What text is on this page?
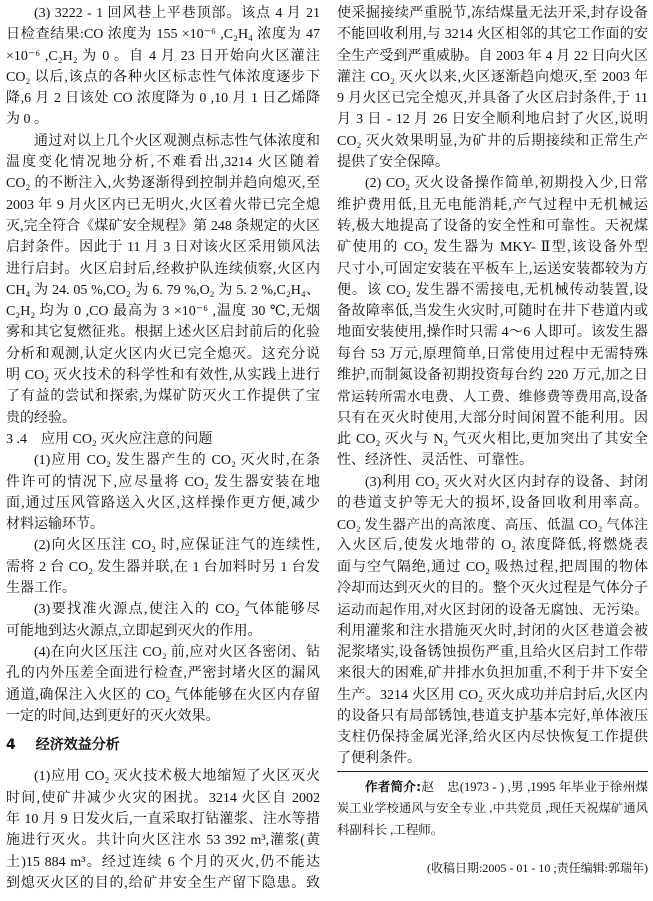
(3) 3222 - 1 回风巷上平巷顶部。该点 4 月 21
日检查结果:CO 浓度为 155 ×10⁻⁶ ,C₂H₄ 浓度为 47
×10⁻⁶ ,C₂H₂ 为 0 。自 4 月 23 日开始向火区灌注
CO₂ 以后,该点的各种火区标志性气体浓度逐步下
降,6 月 2 日该处 CO 浓度降为 0 ,10 月 1 日乙烯降
为 0 。
通过对以上几个火区观测点标志性气体浓度和
温度变化情况地分析,不难看出,3214 火区随着
CO₂ 的不断注入,火势逐渐得到控制并趋向熄灭,至
2003 年 9 月火区内已无明火,火区着火带已完全熄
灭,完全符合《煤矿安全规程》第 248 条规定的火区
启封条件。因此于 11 月 3 日对该火区采用锁风法
进行启封。火区启封后,经救护队连续侦察,火区内
CH₄ 为 24. 05 %,CO₂ 为 6. 79 %,O₂ 为 5. 2 %,C₂H₄、
C₂H₂ 均为 0 ,CO 最高为 3 ×10⁻⁶ ,温度 30 ℃,无烟
雾和其它复燃征兆。根据上述火区启封前后的化验
分析和观测,认定火区内火已完全熄灭。这充分说
明 CO₂ 灭火技术的科学性和有效性,从实践上进行
了有益的尝试和探索,为煤矿防灭火工作提供了宝
贵的经验。
3 .4 应用 CO₂ 灭火应注意的问题
(1)应用 CO₂ 发生器产生的 CO₂ 灭火时,在条
件许可的情况下,应尽量将 CO₂ 发生器安装在地
面,通过压风管路送入火区,这样操作更方便,减少
材料运输环节。
(2)向火区压注 CO₂ 时,应保证注气的连续性,
需将 2 台 CO₂ 发生器并联,在 1 台加料时另 1 台发
生器工作。
(3)要找准火源点,使注入的 CO₂ 气体能够尽
可能地到达火源点,立即起到灭火的作用。
(4)在向火区压注 CO₂ 前,应对火区各密闭、钻
孔的内外压差全面进行检查,严密封堵火区的漏风
通道,确保注入火区的 CO₂ 气体能够在火区内存留
一定的时间,达到更好的灭火效果。
4 经济效益分析
(1)应用 CO₂ 灭火技术极大地缩短了火区灭火
时间,使矿井减少火灾的困扰。3214 火区自 2002
年 10 月 9 日发火后,一直采取打钻灌浆、注水等措
施进行灭火。共计向火区注水 53 392 m³,灌浆(黄
土)15 884 m³。经过连续 6 个月的灭火,仍不能达
到熄灭火区的目的,给矿井安全生产留下隐患。致
使采掘接续严重脱节,冻结煤量无法开采,封存设备
不能回收利用,与 3214 火区相邻的其它工作面的安
全生产受到严重威胁。自 2003 年 4 月 22 日向火区
灌注 CO₂ 灭火以来,火区逐渐趋向熄灭,至 2003 年
9 月火区已完全熄灭,并具备了火区启封条件,于 11
月 3 日 - 12 月 26 日安全顺利地启封了火区,说明
CO₂ 灭火效果明显,为矿井的后期接续和正常生产
提供了安全保障。
(2) CO₂ 灭火设备操作简单,初期投入少,日常
维护费用低,且无电能消耗,产气过程中无机械运
转,极大地提高了设备的安全性和可靠性。天祝煤
矿使用的 CO₂ 发生器为 MKY- Ⅱ型,该设备外型
尺寸小,可固定安装在平板车上,运送安装都较为方
便。该 CO₂ 发生器不需接电,无机械传动装置,设
备故障率低,当发生火灾时,可随时在井下巷道内或
地面安装使用,操作时只需 4～6 人即可。该发生器
每台 53 万元,原理简单,日常使用过程中无需特殊
维护,而制氮设备初期投资每台约 220 万元,加之日
常运转所需水电费、人工费、维修费等费用高,设备
只有在灭火时使用,大部分时间闲置不能利用。因
此 CO₂ 灭火与 N₂ 气灭火相比,更加突出了其安全
性、经济性、灵活性、可靠性。
(3)利用 CO₂ 灭火对火区内封存的设备、封闭
的巷道支护等无大的损坏,设备回收利用率高。
CO₂ 发生器产出的高浓度、高压、低温 CO₂ 气体注
入火区后,使发火地带的 O₂ 浓度降低,将燃烧表
面与空气隔绝,通过 CO₂ 吸热过程,把周围的物体
冷却而达到灭火的目的。整个灭火过程是气体分子
运动而起作用,对火区封闭的设备无腐蚀、无污染。
利用灌浆和注水措施灭火时,封闭的火区巷道会被
泥浆堵实,设备锈蚀损伤严重,且给火区启封工作带
来很大的困难,矿井排水负担加重,不利于井下安全
生产。3214 火区用 CO₂ 灭火成功并启封后,火区内
的设备只有局部锈蚀,巷道支护基本完好,单体液压
支柱仍保持金属光泽,给火区内尽快恢复工作提供
了便利条件。
作者简介:赵　忠(1973 - ) ,男 ,1995 年毕业于徐州煤
炭工业学校通风与安全专业 ,中共党员 ,现任天祝煤矿通风
科副科长 ,工程师。
(收稿日期:2005 - 01 - 10 ;责任编辑:郭瑞年)
